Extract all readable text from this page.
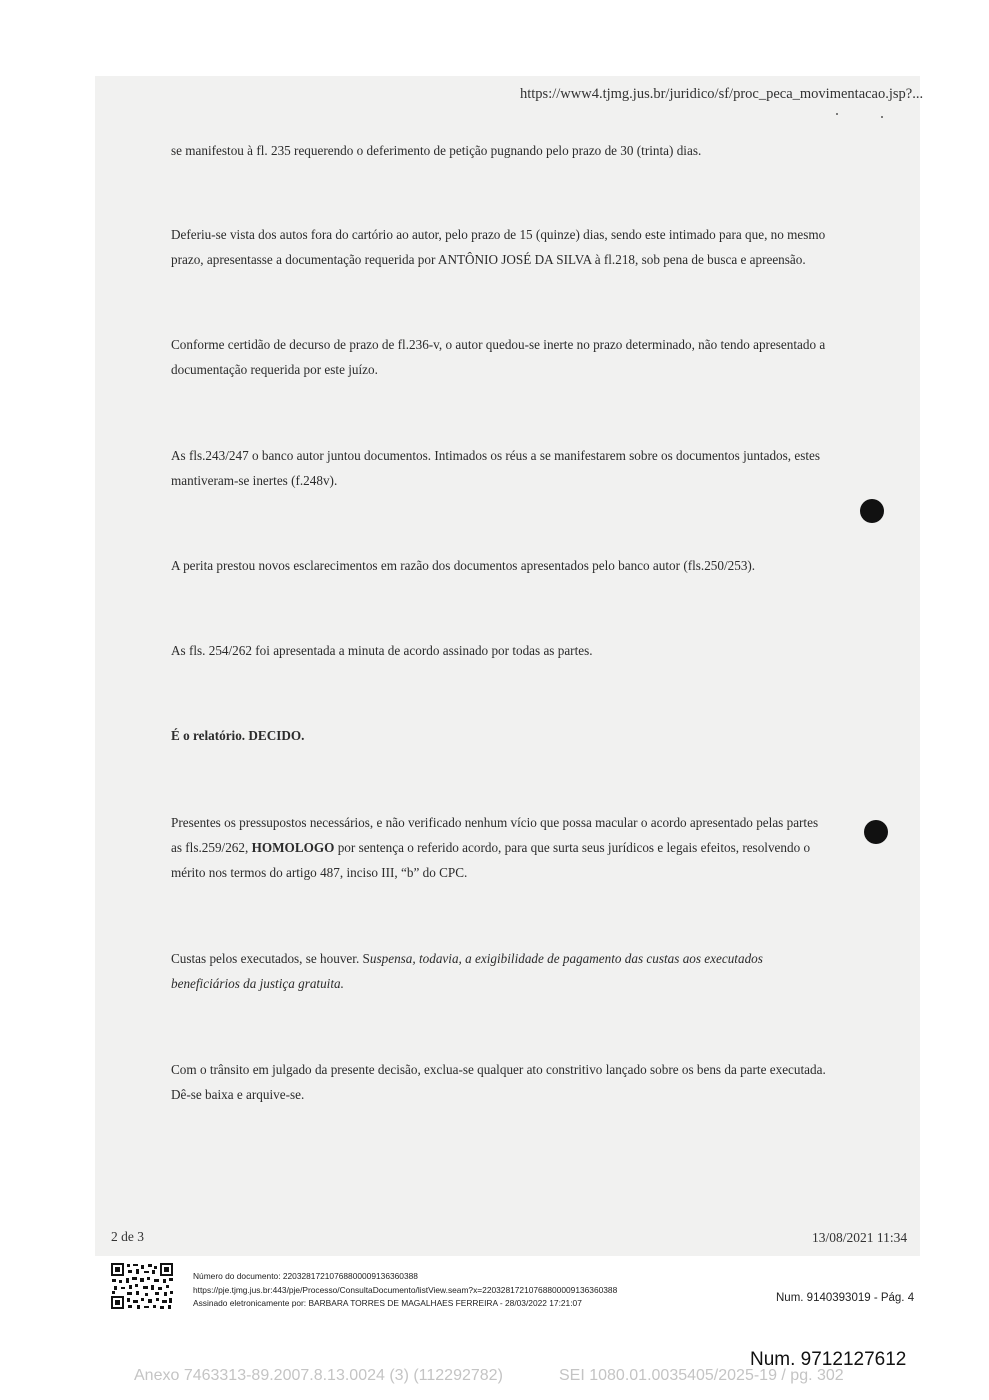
https://www4.tjmg.jus.br/juridico/sf/proc_peca_movimentacao.jsp?...
se manifestou à fl. 235 requerendo o deferimento de petição pugnando pelo prazo de 30 (trinta) dias.
Deferiu-se vista dos autos fora do cartório ao autor, pelo prazo de 15 (quinze) dias, sendo este intimado para que, no mesmo
prazo, apresentasse a documentação requerida por ANTÔNIO JOSÉ DA SILVA à fl.218, sob pena de busca e apreensão.
Conforme certidão de decurso de prazo de fl.236-v, o autor quedou-se inerte no prazo determinado, não tendo apresentado a
documentação requerida por este juízo.
As fls.243/247 o banco autor juntou documentos. Intimados os réus a se manifestarem sobre os documentos juntados, estes
mantiveram-se inertes (f.248v).
A perita prestou novos esclarecimentos em razão dos documentos apresentados pelo banco autor (fls.250/253).
As fls. 254/262 foi apresentada a minuta de acordo assinado por todas as partes.
É o relatório. DECIDO.
Presentes os pressupostos necessários, e não verificado nenhum vício que possa macular o acordo apresentado pelas partes
as fls.259/262, HOMOLOGO por sentença o referido acordo, para que surta seus jurídicos e legais efeitos, resolvendo o
mérito nos termos do artigo 487, inciso III, “b” do CPC.
Custas pelos executados, se houver. Suspensa, todavia, a exigibilidade de pagamento das custas aos executados
beneficiários da justiça gratuita.
Com o trânsito em julgado da presente decisão, exclua-se qualquer ato constritivo lançado sobre os bens da parte executada.
Dê-se baixa e arquive-se.
2 de 3	13/08/2021 11:34
Número do documento: 22032817210768800009136360388
https://pje.tjmg.jus.br:443/pje/Processo/ConsultaDocumento/listView.seam?x=22032817210768800009136360388
Assinado eletronicamente por: BARBARA TORRES DE MAGALHAES FERREIRA - 28/03/2022 17:21:07	Num. 9140393019 - Pág. 4
Num. 9712127612
Anexo 7463313-89.2007.8.13.0024 (3) (112292782)	SEI 1080.01.0035405/2025-19 / pg. 302
